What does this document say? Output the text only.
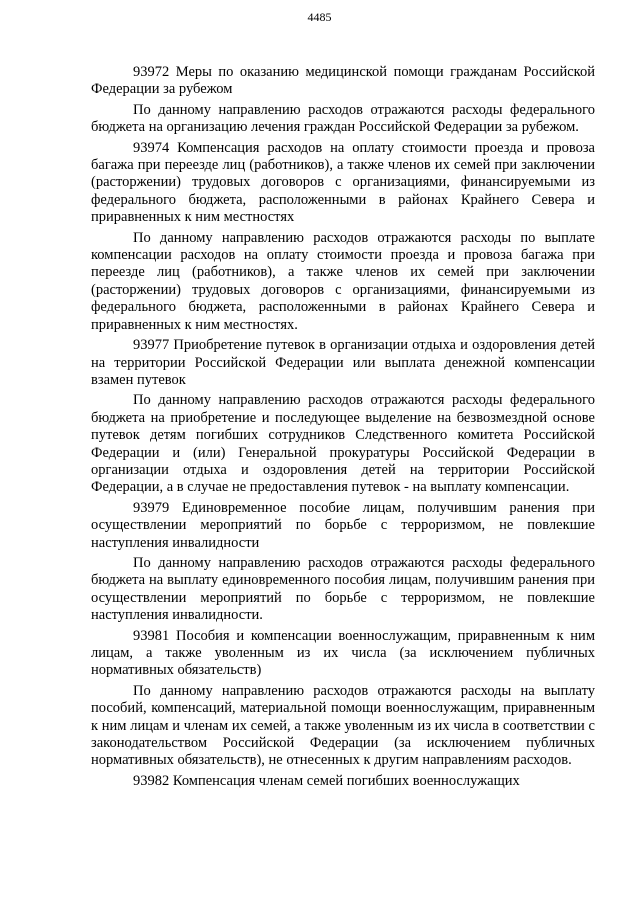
4485

93972 Меры по оказанию медицинской помощи гражданам Российской Федерации за рубежом

По данному направлению расходов отражаются расходы федерального бюджета на организацию лечения граждан Российской Федерации за рубежом.

93974 Компенсация расходов на оплату стоимости проезда и провоза багажа при переезде лиц (работников), а также членов их семей при заключении (расторжении) трудовых договоров с организациями, финансируемыми из федерального бюджета, расположенными в районах Крайнего Севера и приравненных к ним местностях

По данному направлению расходов отражаются расходы по выплате компенсации расходов на оплату стоимости проезда и провоза багажа при переезде лиц (работников), а также членов их семей при заключении (расторжении) трудовых договоров с организациями, финансируемыми из федерального бюджета, расположенными в районах Крайнего Севера и приравненных к ним местностях.

93977 Приобретение путевок в организации отдыха и оздоровления детей на территории Российской Федерации или выплата денежной компенсации взамен путевок

По данному направлению расходов отражаются расходы федерального бюджета на приобретение и последующее выделение на безвозмездной основе путевок детям погибших сотрудников Следственного комитета Российской Федерации и (или) Генеральной прокуратуры Российской Федерации в организации отдыха и оздоровления детей на территории Российской Федерации, а в случае не предоставления путевок - на выплату компенсации.

93979 Единовременное пособие лицам, получившим ранения при осуществлении мероприятий по борьбе с терроризмом, не повлекшие наступления инвалидности

По данному направлению расходов отражаются расходы федерального бюджета на выплату единовременного пособия лицам, получившим ранения при осуществлении мероприятий по борьбе с терроризмом, не повлекшие наступления инвалидности.

93981 Пособия и компенсации военнослужащим, приравненным к ним лицам, а также уволенным из их числа (за исключением публичных нормативных обязательств)

По данному направлению расходов отражаются расходы на выплату пособий, компенсаций, материальной помощи военнослужащим, приравненным к ним лицам и членам их семей, а также уволенным из их числа в соответствии с законодательством Российской Федерации (за исключением публичных нормативных обязательств), не отнесенных к другим направлениям расходов.

93982 Компенсация членам семей погибших военнослужащих
